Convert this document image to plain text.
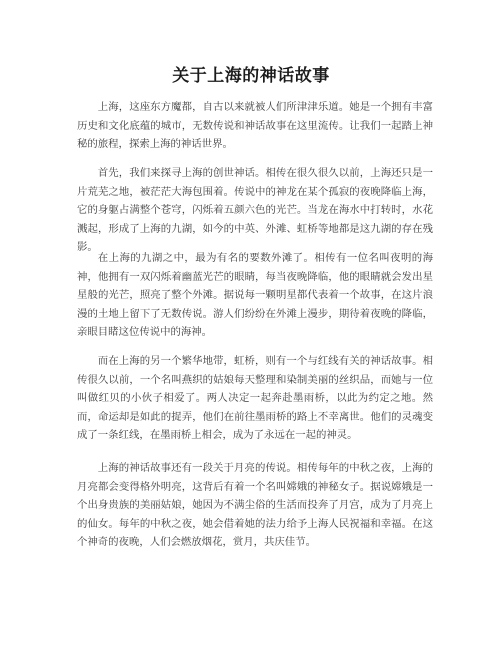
关于上海的神话故事

上海，这座东方魔都，自古以来就被人们所津津乐道。她是一个拥有丰富历史和文化底蕴的城市，无数传说和神话故事在这里流传。让我们一起踏上神秘的旅程，探索上海的神话世界。

首先，我们来探寻上海的创世神话。相传在很久很久以前，上海还只是一片荒芜之地，被茫茫大海包围着。传说中的神龙在某个孤寂的夜晚降临上海，它的身躯占满整个苍穹，闪烁着五颜六色的光芒。当龙在海水中打转时，水花溅起，形成了上海的九湖，如今的中英、外滩、虹桥等地都是这九湖的存在残影。

在上海的九湖之中，最为有名的要数外滩了。相传有一位名叫夜明的海神，他拥有一双闪烁着幽蓝光芒的眼睛，每当夜晚降临，他的眼睛就会发出星星般的光芒，照亮了整个外滩。据说每一颗明星都代表着一个故事，在这片浪漫的土地上留下了无数传说。游人们纷纷在外滩上漫步，期待着夜晚的降临，亲眼目睹这位传说中的海神。

而在上海的另一个繁华地带，虹桥，则有一个与红线有关的神话故事。相传很久以前，一个名叫燕织的姑娘每天整理和染制美丽的丝织品，而她与一位叫做红贝的小伙子相爱了。两人决定一起奔赴墨雨桥，以此为约定之地。然而，命运却是如此的捉弄，他们在前往墨雨桥的路上不幸离世。他们的灵魂变成了一条红线，在墨雨桥上相会，成为了永远在一起的神灵。

上海的神话故事还有一段关于月亮的传说。相传每年的中秋之夜，上海的月亮都会变得格外明亮，这背后有着一个名叫嫦娥的神秘女子。据说嫦娥是一个出身贵族的美丽姑娘，她因为不满尘俗的生活而投奔了月宫，成为了月亮上的仙女。每年的中秋之夜，她会借着她的法力给予上海人民祝福和幸福。在这个神奇的夜晚，人们会燃放烟花，赏月，共庆佳节。
